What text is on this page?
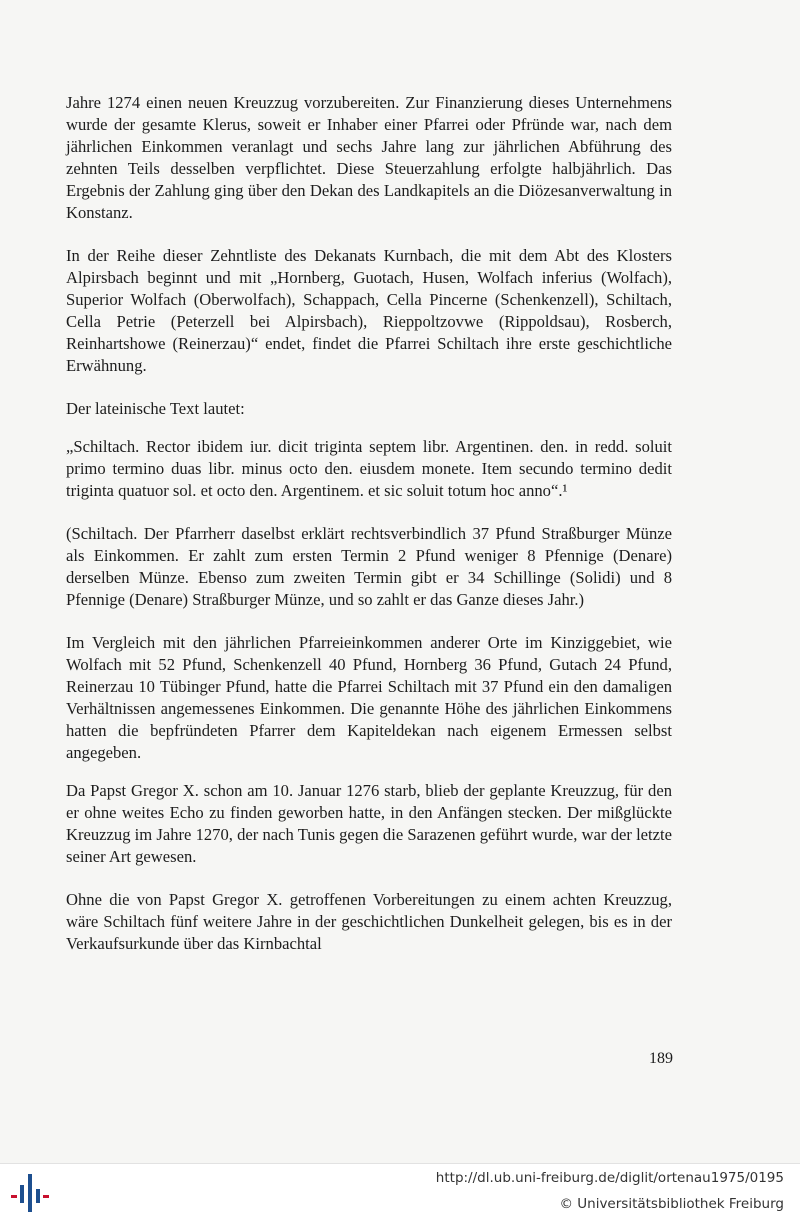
Jahre 1274 einen neuen Kreuzzug vorzubereiten. Zur Finanzierung dieses Unternehmens wurde der gesamte Klerus, soweit er Inhaber einer Pfarrei oder Pfründe war, nach dem jährlichen Einkommen veranlagt und sechs Jahre lang zur jährlichen Abführung des zehnten Teils desselben verpflichtet. Diese Steuerzahlung erfolgte halbjährlich. Das Ergebnis der Zahlung ging über den Dekan des Landkapitels an die Diözesanverwaltung in Konstanz.

In der Reihe dieser Zehntliste des Dekanats Kurnbach, die mit dem Abt des Klosters Alpirsbach beginnt und mit „Hornberg, Guotach, Husen, Wolfach inferius (Wolfach), Superior Wolfach (Oberwolfach), Schappach, Cella Pincerne (Schenkenzell), Schiltach, Cella Petrie (Peterzell bei Alpirsbach), Rieppoltzovwe (Rippoldsau), Rosberch, Reinhartshowe (Reinerzau)“ endet, findet die Pfarrei Schiltach ihre erste geschichtliche Erwähnung.

Der lateinische Text lautet:

„Schiltach. Rector ibidem iur. dicit triginta septem libr. Argentinen. den. in redd. soluit primo termino duas libr. minus octo den. eiusdem monete. Item secundo termino dedit triginta quatuor sol. et octo den. Argentinem. et sic soluit totum hoc anno“.¹

(Schiltach. Der Pfarrherr daselbst erklärt rechtsverbindlich 37 Pfund Straßburger Münze als Einkommen. Er zahlt zum ersten Termin 2 Pfund weniger 8 Pfennige (Denare) derselben Münze. Ebenso zum zweiten Termin gibt er 34 Schillinge (Solidi) und 8 Pfennige (Denare) Straßburger Münze, und so zahlt er das Ganze dieses Jahr.)

Im Vergleich mit den jährlichen Pfarreieinkommen anderer Orte im Kinziggebiet, wie Wolfach mit 52 Pfund, Schenkenzell 40 Pfund, Hornberg 36 Pfund, Gutach 24 Pfund, Reinerzau 10 Tübinger Pfund, hatte die Pfarrei Schiltach mit 37 Pfund ein den damaligen Verhältnissen angemessenes Einkommen. Die genannte Höhe des jährlichen Einkommens hatten die bepfründeten Pfarrer dem Kapiteldekan nach eigenem Ermessen selbst angegeben.

Da Papst Gregor X. schon am 10. Januar 1276 starb, blieb der geplante Kreuzzug, für den er ohne weites Echo zu finden geworben hatte, in den Anfängen stecken. Der mißglückte Kreuzzug im Jahre 1270, der nach Tunis gegen die Sarazenen geführt wurde, war der letzte seiner Art gewesen.

Ohne die von Papst Gregor X. getroffenen Vorbereitungen zu einem achten Kreuzzug, wäre Schiltach fünf weitere Jahre in der geschichtlichen Dunkelheit gelegen, bis es in der Verkaufsurkunde über das Kirnbachtal

189
http://dl.ub.uni-freiburg.de/diglit/ortenau1975/0195
© Universitätsbibliothek Freiburg
